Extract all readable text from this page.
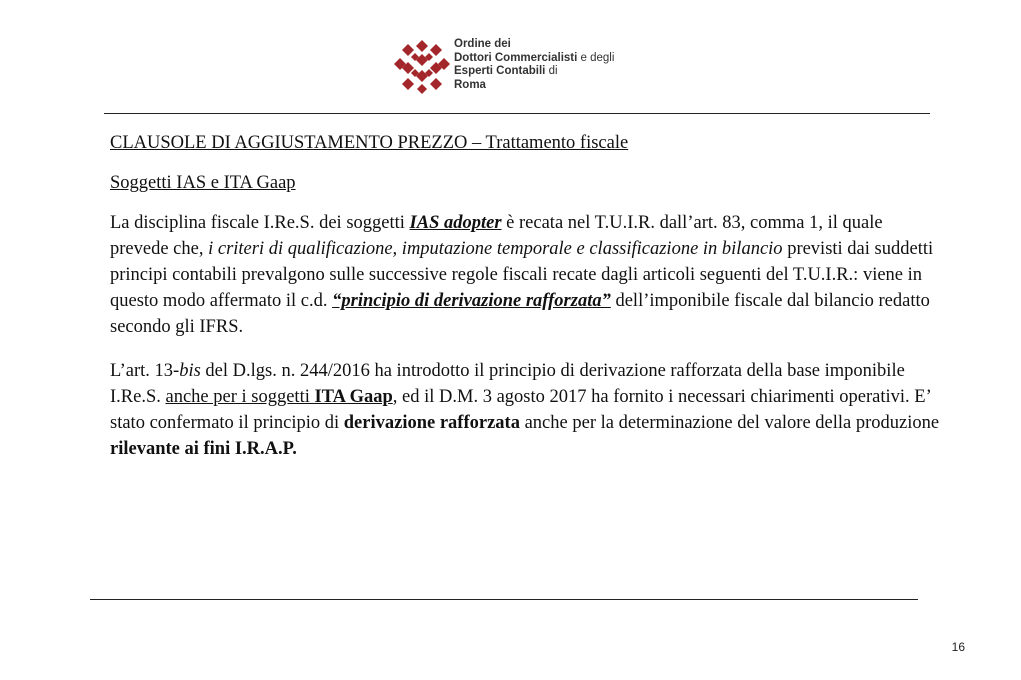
Ordine dei
Dottori Commercialisti e degli
Esperti Contabili di
Roma

CLAUSOLE DI AGGIUSTAMENTO PREZZO – Trattamento fiscale

Soggetti IAS e ITA Gaap

La disciplina fiscale I.Re.S. dei soggetti IAS adopter è recata nel T.U.I.R. dall’art. 83, comma 1, il quale prevede che, i criteri di qualificazione, imputazione temporale e classificazione in bilancio previsti dai suddetti principi contabili prevalgono sulle successive regole fiscali recate dagli articoli seguenti del T.U.I.R.: viene in questo modo affermato il c.d. “principio di derivazione rafforzata” dell’imponibile fiscale dal bilancio redatto secondo gli IFRS.

L’art. 13-bis del D.lgs. n. 244/2016 ha introdotto il principio di derivazione rafforzata della base imponibile I.Re.S. anche per i soggetti ITA Gaap, ed il D.M. 3 agosto 2017 ha fornito i necessari chiarimenti operativi. E’ stato confermato il principio di derivazione rafforzata anche per la determinazione del valore della produzione rilevante ai fini I.R.A.P.

16
